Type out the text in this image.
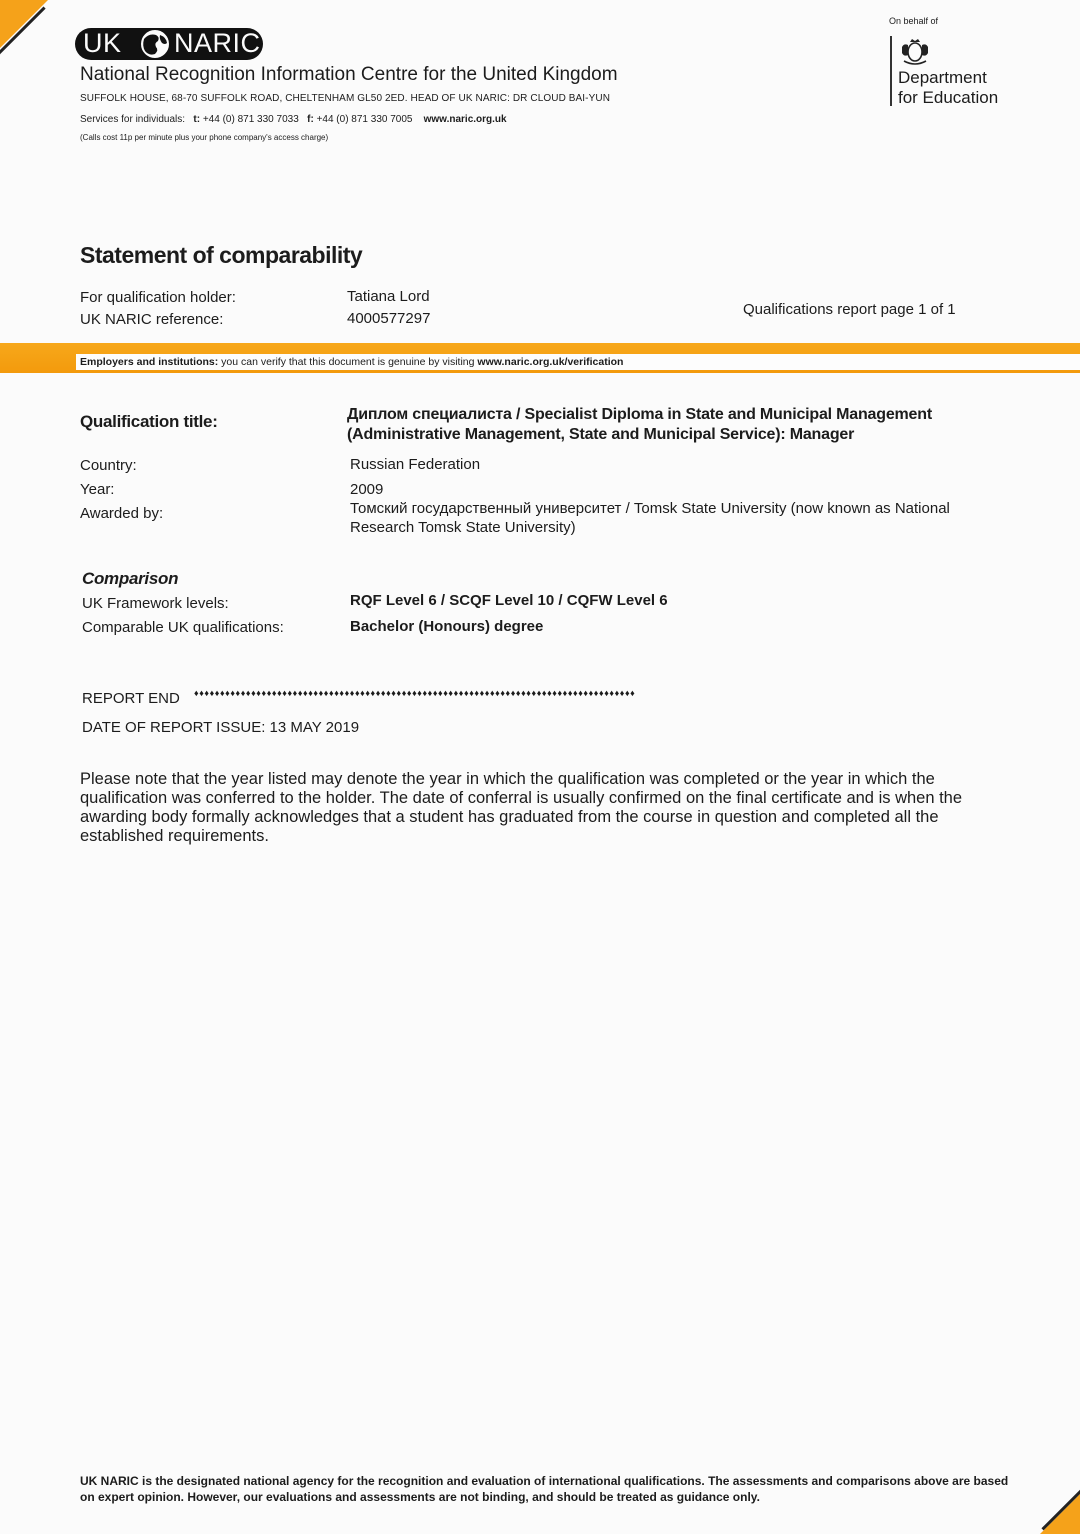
UK NARIC
National Recognition Information Centre for the United Kingdom
SUFFOLK HOUSE, 68-70 SUFFOLK ROAD, CHELTENHAM GL50 2ED. HEAD OF UK NARIC: DR CLOUD BAI-YUN
Services for individuals: t: +44 (0) 871 330 7033 f: +44 (0) 871 330 7005 www.naric.org.uk
(Calls cost 11p per minute plus your phone company's access charge)
On behalf of
Department
for Education
Statement of comparability
For qualification holder:	Tatiana Lord
UK NARIC reference:	4000577297
Qualifications report page 1 of 1
Employers and institutions: you can verify that this document is genuine by visiting www.naric.org.uk/verification
Qualification title:	Диплом специалиста / Specialist Diploma in State and Municipal Management (Administrative Management, State and Municipal Service): Manager
Country:	Russian Federation
Year:	2009
Awarded by:	Томский государственный университет / Tomsk State University (now known as National Research Tomsk State University)
Comparison
UK Framework levels:	RQF Level 6 / SCQF Level 10 / CQFW Level 6
Comparable UK qualifications:	Bachelor (Honours) degree
REPORT END ♦♦♦♦♦♦♦♦♦♦♦♦♦♦♦♦♦♦♦♦♦♦♦♦♦♦♦♦♦♦♦♦♦♦♦♦♦♦♦♦♦♦♦♦♦♦♦♦♦♦♦♦♦♦♦♦♦♦♦♦♦♦♦♦♦♦♦♦♦♦♦♦♦♦♦♦♦♦♦♦♦♦♦♦♦
DATE OF REPORT ISSUE: 13 MAY 2019
Please note that the year listed may denote the year in which the qualification was completed or the year in which the qualification was conferred to the holder. The date of conferral is usually confirmed on the final certificate and is when the awarding body formally acknowledges that a student has graduated from the course in question and completed all the established requirements.
UK NARIC is the designated national agency for the recognition and evaluation of international qualifications. The assessments and comparisons above are based on expert opinion. However, our evaluations and assessments are not binding, and should be treated as guidance only.
